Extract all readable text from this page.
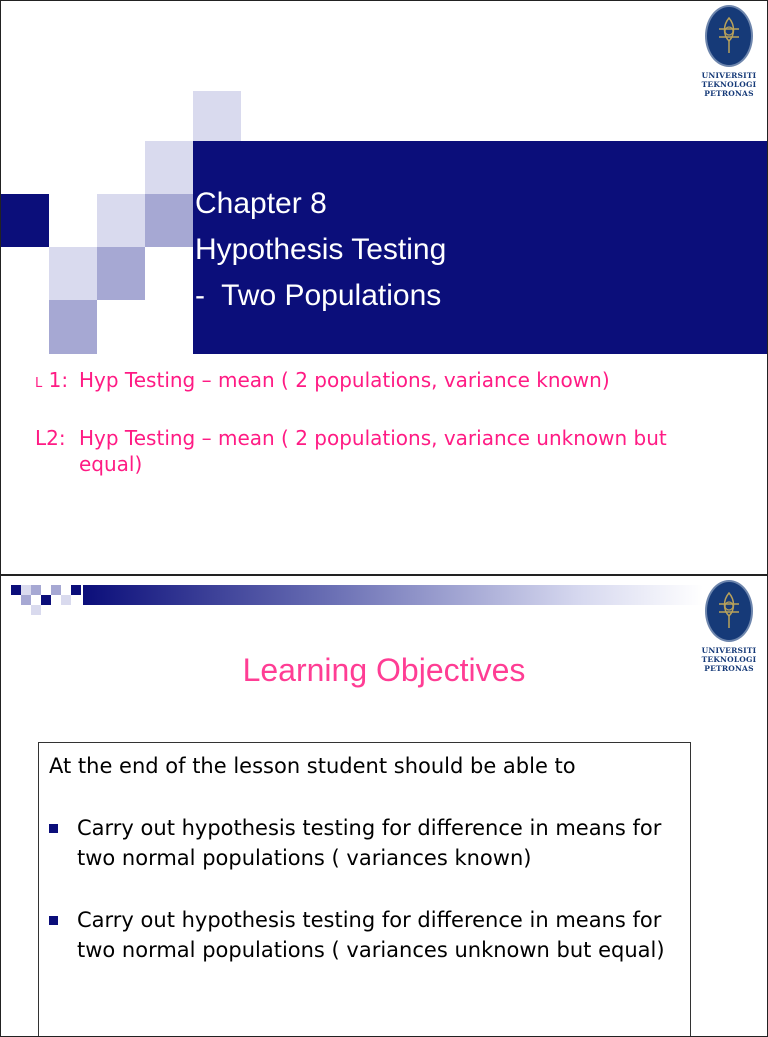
Chapter 8
Hypothesis Testing
-  Two Populations
UNIVERSITI
TEKNOLOGI
PETRONAS
L 1: Hyp Testing – mean ( 2 populations, variance known)
L2: Hyp Testing – mean ( 2 populations, variance unknown but equal)
UNIVERSITI
TEKNOLOGI
PETRONAS
Learning Objectives
At the end of the lesson student should be able to
Carry out hypothesis testing for difference in means for two normal populations ( variances known)
Carry out hypothesis testing for difference in means for two normal populations ( variances unknown but equal)
